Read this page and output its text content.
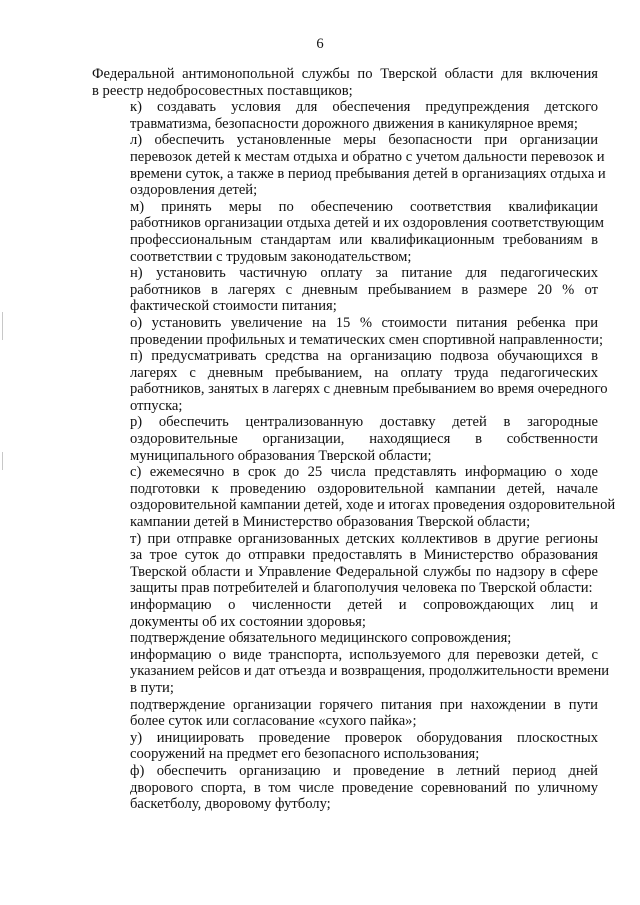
6
Федеральной антимонопольной службы по Тверской области для включения
в реестр недобросовестных поставщиков;
к) создавать условия для обеспечения предупреждения детского
травматизма, безопасности дорожного движения в каникулярное время;
л) обеспечить установленные меры безопасности при организации
перевозок детей к местам отдыха и обратно с учетом дальности перевозок и
времени суток, а также в период пребывания детей в организациях отдыха и
оздоровления детей;
м) принять меры по обеспечению соответствия квалификации
работников организации отдыха детей и их оздоровления соответствующим
профессиональным стандартам или квалификационным требованиям в
соответствии с трудовым законодательством;
н) установить частичную оплату за питание для педагогических
работников в лагерях с дневным пребыванием в размере 20 % от
фактической стоимости питания;
о) установить увеличение на 15 % стоимости питания ребенка при
проведении профильных и тематических смен спортивной направленности;
п) предусматривать средства на организацию подвоза обучающихся в
лагерях с дневным пребыванием, на оплату труда педагогических
работников, занятых в лагерях с дневным пребыванием во время очередного
отпуска;
р) обеспечить централизованную доставку детей в загородные
оздоровительные организации, находящиеся в собственности
муниципального образования Тверской области;
с) ежемесячно в срок до 25 числа представлять информацию о ходе
подготовки к проведению оздоровительной кампании детей, начале
оздоровительной кампании детей, ходе и итогах проведения оздоровительной
кампании детей в Министерство образования Тверской области;
т) при отправке организованных детских коллективов в другие регионы
за трое суток до отправки предоставлять в Министерство образования
Тверской области и Управление Федеральной службы по надзору в сфере
защиты прав потребителей и благополучия человека по Тверской области:
информацию о численности детей и сопровождающих лиц и
документы об их состоянии здоровья;
подтверждение обязательного медицинского сопровождения;
информацию о виде транспорта, используемого для перевозки детей, с
указанием рейсов и дат отъезда и возвращения, продолжительности времени
в пути;
подтверждение организации горячего питания при нахождении в пути
более суток или согласование «сухого пайка»;
у) инициировать проведение проверок оборудования плоскостных
сооружений на предмет его безопасного использования;
ф) обеспечить организацию и проведение в летний период дней
дворового спорта, в том числе проведение соревнований по уличному
баскетболу, дворовому футболу;
